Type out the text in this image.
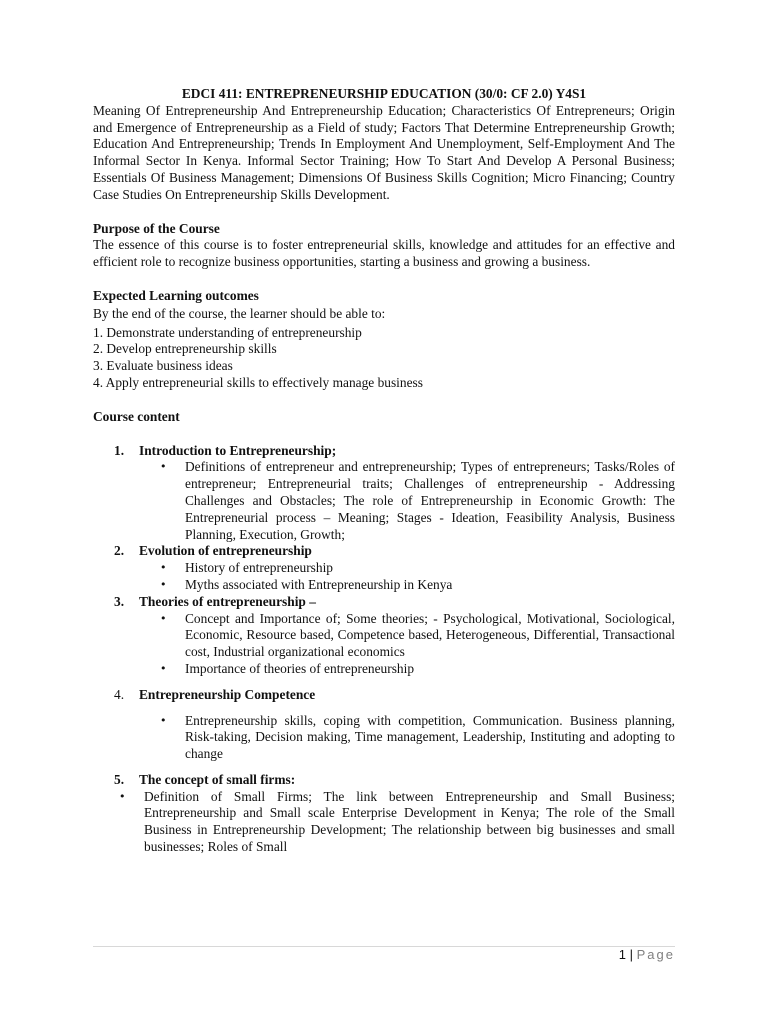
EDCI 411: ENTREPRENEURSHIP EDUCATION (30/0: CF 2.0) Y4S1

Meaning Of Entrepreneurship And Entrepreneurship Education; Characteristics Of Entrepreneurs; Origin and Emergence of Entrepreneurship as a Field of study; Factors That Determine Entrepreneurship Growth; Education And Entrepreneurship; Trends In Employment And Unemployment, Self-Employment And The Informal Sector In Kenya. Informal Sector Training; How To Start And Develop A Personal Business; Essentials Of Business Management; Dimensions Of Business Skills Cognition; Micro Financing; Country Case Studies On Entrepreneurship Skills Development.

Purpose of the Course

The essence of this course is to foster entrepreneurial skills, knowledge and attitudes for an effective and efficient role to recognize business opportunities, starting a business and growing a business.

Expected Learning outcomes

By the end of the course, the learner should be able to:

1. Demonstrate understanding of entrepreneurship

2. Develop entrepreneurship skills

3. Evaluate business ideas

4. Apply entrepreneurial skills to effectively manage business

Course content

1. Introduction to Entrepreneurship;
• Definitions of entrepreneur and entrepreneurship; Types of entrepreneurs; Tasks/Roles of entrepreneur; Entrepreneurial traits; Challenges of entrepreneurship - Addressing Challenges and Obstacles; The role of Entrepreneurship in Economic Growth: The Entrepreneurial process – Meaning; Stages - Ideation, Feasibility Analysis, Business Planning, Execution, Growth;
2. Evolution of entrepreneurship
• History of entrepreneurship
• Myths associated with Entrepreneurship in Kenya
3. Theories of entrepreneurship –
• Concept and Importance of; Some theories; - Psychological, Motivational, Sociological, Economic, Resource based, Competence based, Heterogeneous, Differential, Transactional cost, Industrial organizational economics
• Importance of theories of entrepreneurship
4. Entrepreneurship Competence
• Entrepreneurship skills, coping with competition, Communication. Business planning, Risk-taking, Decision making, Time management, Leadership, Instituting and adopting to change
5. The concept of small firms:
• Definition of Small Firms; The link between Entrepreneurship and Small Business; Entrepreneurship and Small scale Enterprise Development in Kenya; The role of the Small Business in Entrepreneurship Development; The relationship between big businesses and small businesses; Roles of Small
1 | Page
